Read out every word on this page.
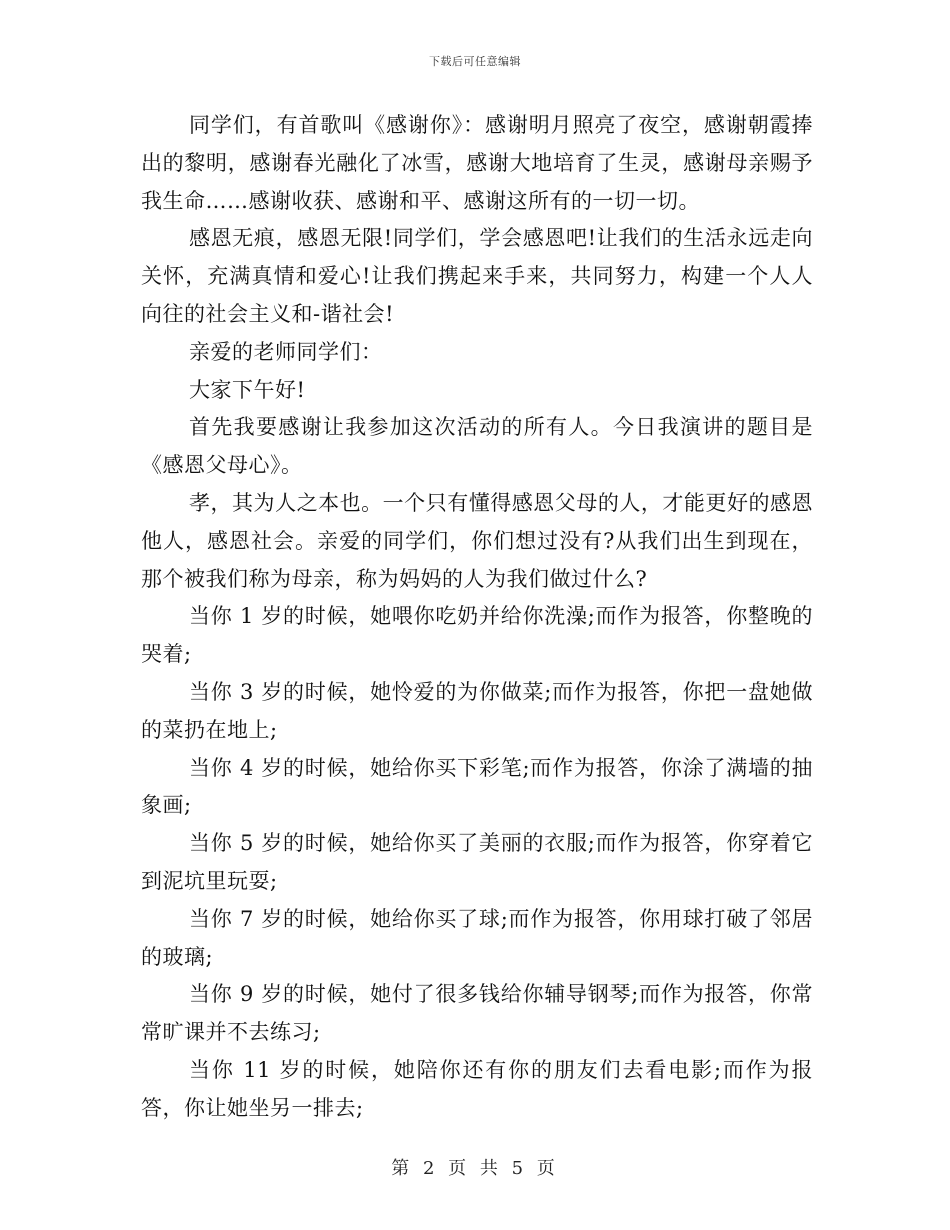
下载后可任意编辑

同学们，有首歌叫《感谢你》：感谢明月照亮了夜空，感谢朝霞捧出的黎明，感谢春光融化了冰雪，感谢大地培育了生灵，感谢母亲赐予我生命……感谢收获、感谢和平、感谢这所有的一切一切。

感恩无痕，感恩无限!同学们，学会感恩吧!让我们的生活永远走向关怀，充满真情和爱心!让我们携起来手来，共同努力，构建一个人人向往的社会主义和-谐社会!

亲爱的老师同学们：

大家下午好!

首先我要感谢让我参加这次活动的所有人。今日我演讲的题目是《感恩父母心》。

孝，其为人之本也。一个只有懂得感恩父母的人，才能更好的感恩他人，感恩社会。亲爱的同学们，你们想过没有?从我们出生到现在，那个被我们称为母亲，称为妈妈的人为我们做过什么?

当你 1 岁的时候，她喂你吃奶并给你洗澡;而作为报答，你整晚的哭着;

当你 3 岁的时候，她怜爱的为你做菜;而作为报答，你把一盘她做的菜扔在地上;

当你 4 岁的时候，她给你买下彩笔;而作为报答，你涂了满墙的抽象画;

当你 5 岁的时候，她给你买了美丽的衣服;而作为报答，你穿着它到泥坑里玩耍;

当你 7 岁的时候，她给你买了球;而作为报答，你用球打破了邻居的玻璃;

当你 9 岁的时候，她付了很多钱给你辅导钢琴;而作为报答，你常常旷课并不去练习;

当你 11 岁的时候，她陪你还有你的朋友们去看电影;而作为报答，你让她坐另一排去;

第 2 页 共 5 页
